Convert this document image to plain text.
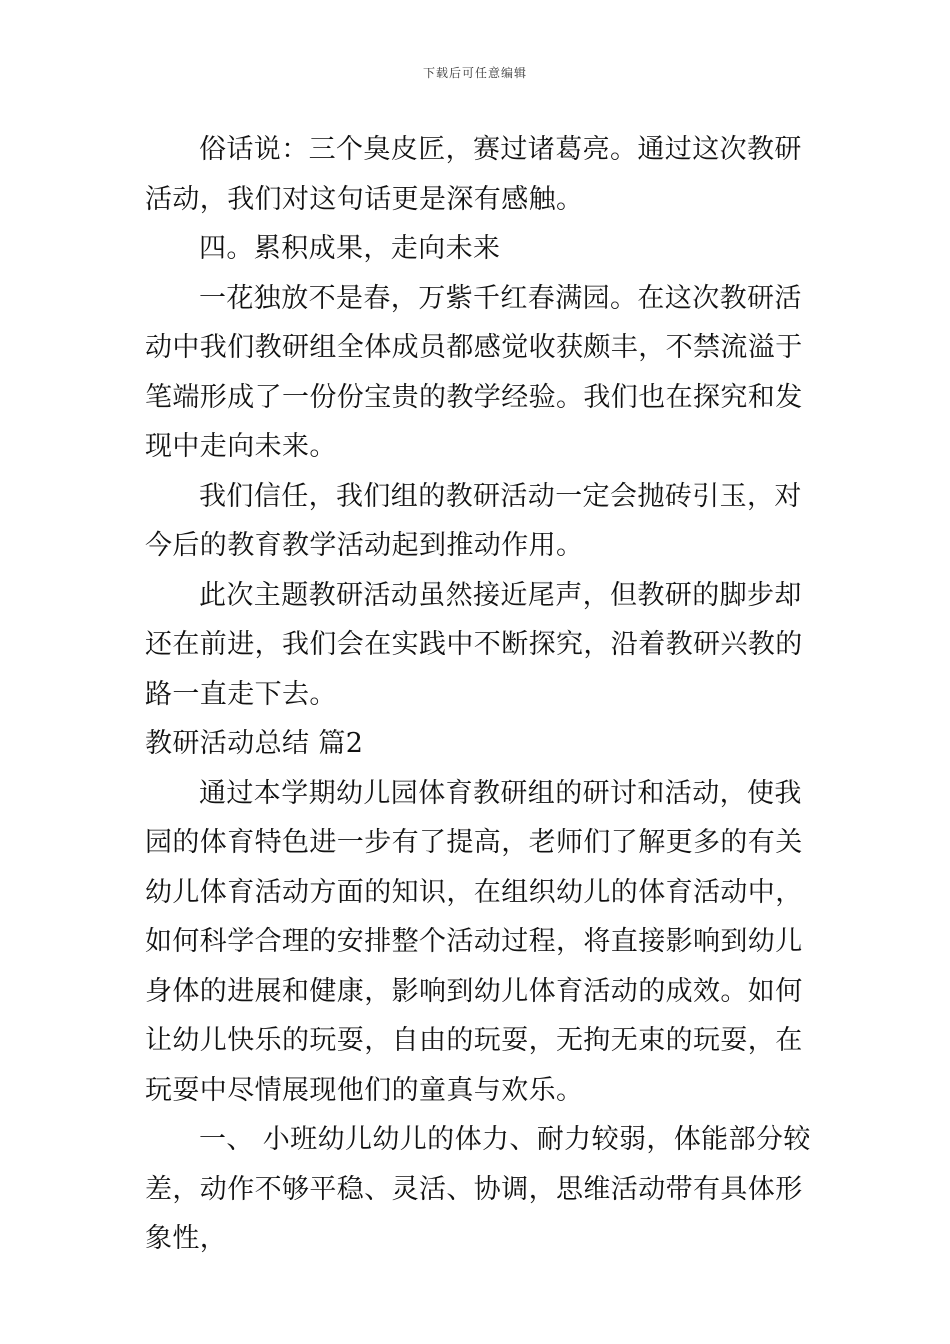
下载后可任意编辑

俗话说：三个臭皮匠，赛过诸葛亮。通过这次教研活动，我们对这句话更是深有感触。

四。累积成果，走向未来

一花独放不是春，万紫千红春满园。在这次教研活动中我们教研组全体成员都感觉收获颇丰，不禁流溢于笔端形成了一份份宝贵的教学经验。我们也在探究和发现中走向未来。

我们信任，我们组的教研活动一定会抛砖引玉，对今后的教育教学活动起到推动作用。

此次主题教研活动虽然接近尾声，但教研的脚步却还在前进，我们会在实践中不断探究，沿着教研兴教的路一直走下去。

教研活动总结 篇2

通过本学期幼儿园体育教研组的研讨和活动，使我园的体育特色进一步有了提高，老师们了解更多的有关幼儿体育活动方面的知识，在组织幼儿的体育活动中，如何科学合理的安排整个活动过程，将直接影响到幼儿身体的进展和健康，影响到幼儿体育活动的成效。如何让幼儿快乐的玩耍，自由的玩耍，无拘无束的玩耍，在玩耍中尽情展现他们的童真与欢乐。

一、 小班幼儿幼儿的体力、耐力较弱，体能部分较差，动作不够平稳、灵活、协调，思维活动带有具体形象性，
